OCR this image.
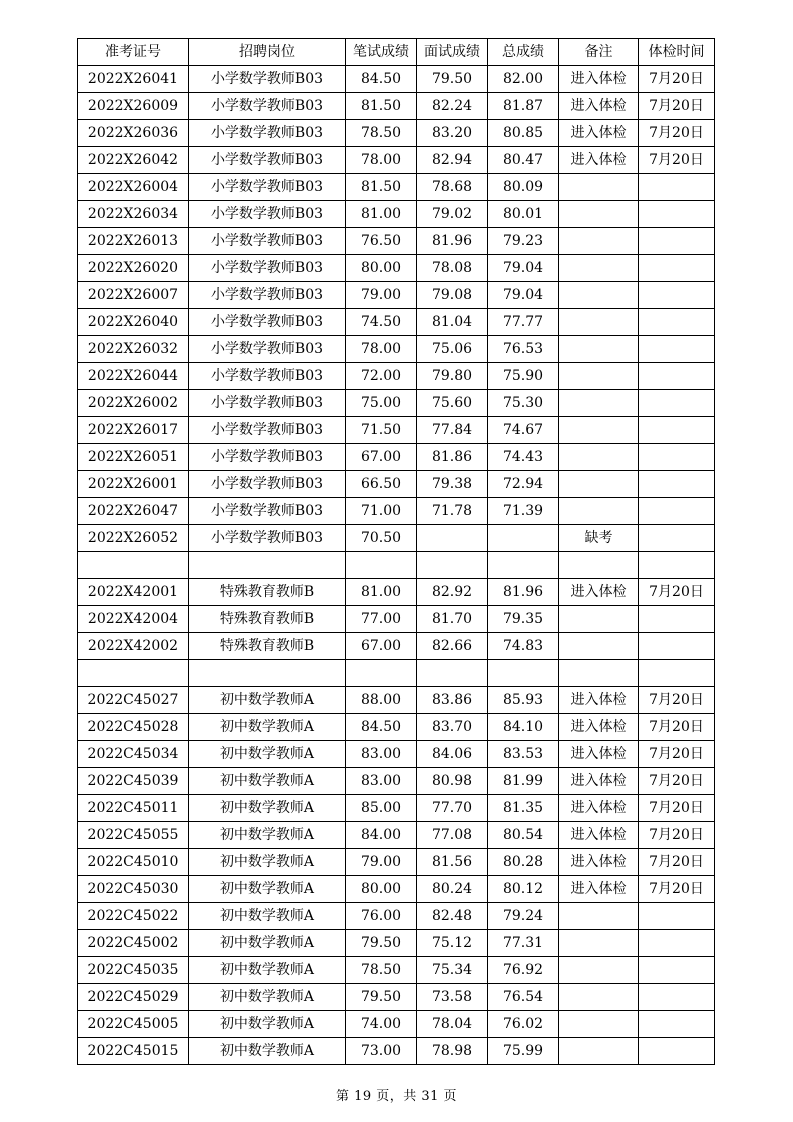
准考证号	招聘岗位	笔试成绩	面试成绩	总成绩	备注	体检时间
2022X26041	小学数学教师B03	84.50	79.50	82.00	进入体检	7月20日
2022X26009	小学数学教师B03	81.50	82.24	81.87	进入体检	7月20日
2022X26036	小学数学教师B03	78.50	83.20	80.85	进入体检	7月20日
2022X26042	小学数学教师B03	78.00	82.94	80.47	进入体检	7月20日
2022X26004	小学数学教师B03	81.50	78.68	80.09		
2022X26034	小学数学教师B03	81.00	79.02	80.01		
2022X26013	小学数学教师B03	76.50	81.96	79.23		
2022X26020	小学数学教师B03	80.00	78.08	79.04		
2022X26007	小学数学教师B03	79.00	79.08	79.04		
2022X26040	小学数学教师B03	74.50	81.04	77.77		
2022X26032	小学数学教师B03	78.00	75.06	76.53		
2022X26044	小学数学教师B03	72.00	79.80	75.90		
2022X26002	小学数学教师B03	75.00	75.60	75.30		
2022X26017	小学数学教师B03	71.50	77.84	74.67		
2022X26051	小学数学教师B03	67.00	81.86	74.43		
2022X26001	小学数学教师B03	66.50	79.38	72.94		
2022X26047	小学数学教师B03	71.00	71.78	71.39		
2022X26052	小学数学教师B03	70.50			缺考	

2022X42001	特殊教育教师B	81.00	82.92	81.96	进入体检	7月20日
2022X42004	特殊教育教师B	77.00	81.70	79.35		
2022X42002	特殊教育教师B	67.00	82.66	74.83		

2022C45027	初中数学教师A	88.00	83.86	85.93	进入体检	7月20日
2022C45028	初中数学教师A	84.50	83.70	84.10	进入体检	7月20日
2022C45034	初中数学教师A	83.00	84.06	83.53	进入体检	7月20日
2022C45039	初中数学教师A	83.00	80.98	81.99	进入体检	7月20日
2022C45011	初中数学教师A	85.00	77.70	81.35	进入体检	7月20日
2022C45055	初中数学教师A	84.00	77.08	80.54	进入体检	7月20日
2022C45010	初中数学教师A	79.00	81.56	80.28	进入体检	7月20日
2022C45030	初中数学教师A	80.00	80.24	80.12	进入体检	7月20日
2022C45022	初中数学教师A	76.00	82.48	79.24		
2022C45002	初中数学教师A	79.50	75.12	77.31		
2022C45035	初中数学教师A	78.50	75.34	76.92		
2022C45029	初中数学教师A	79.50	73.58	76.54		
2022C45005	初中数学教师A	74.00	78.04	76.02		
2022C45015	初中数学教师A	73.00	78.98	75.99		
第 19 页，共 31 页
